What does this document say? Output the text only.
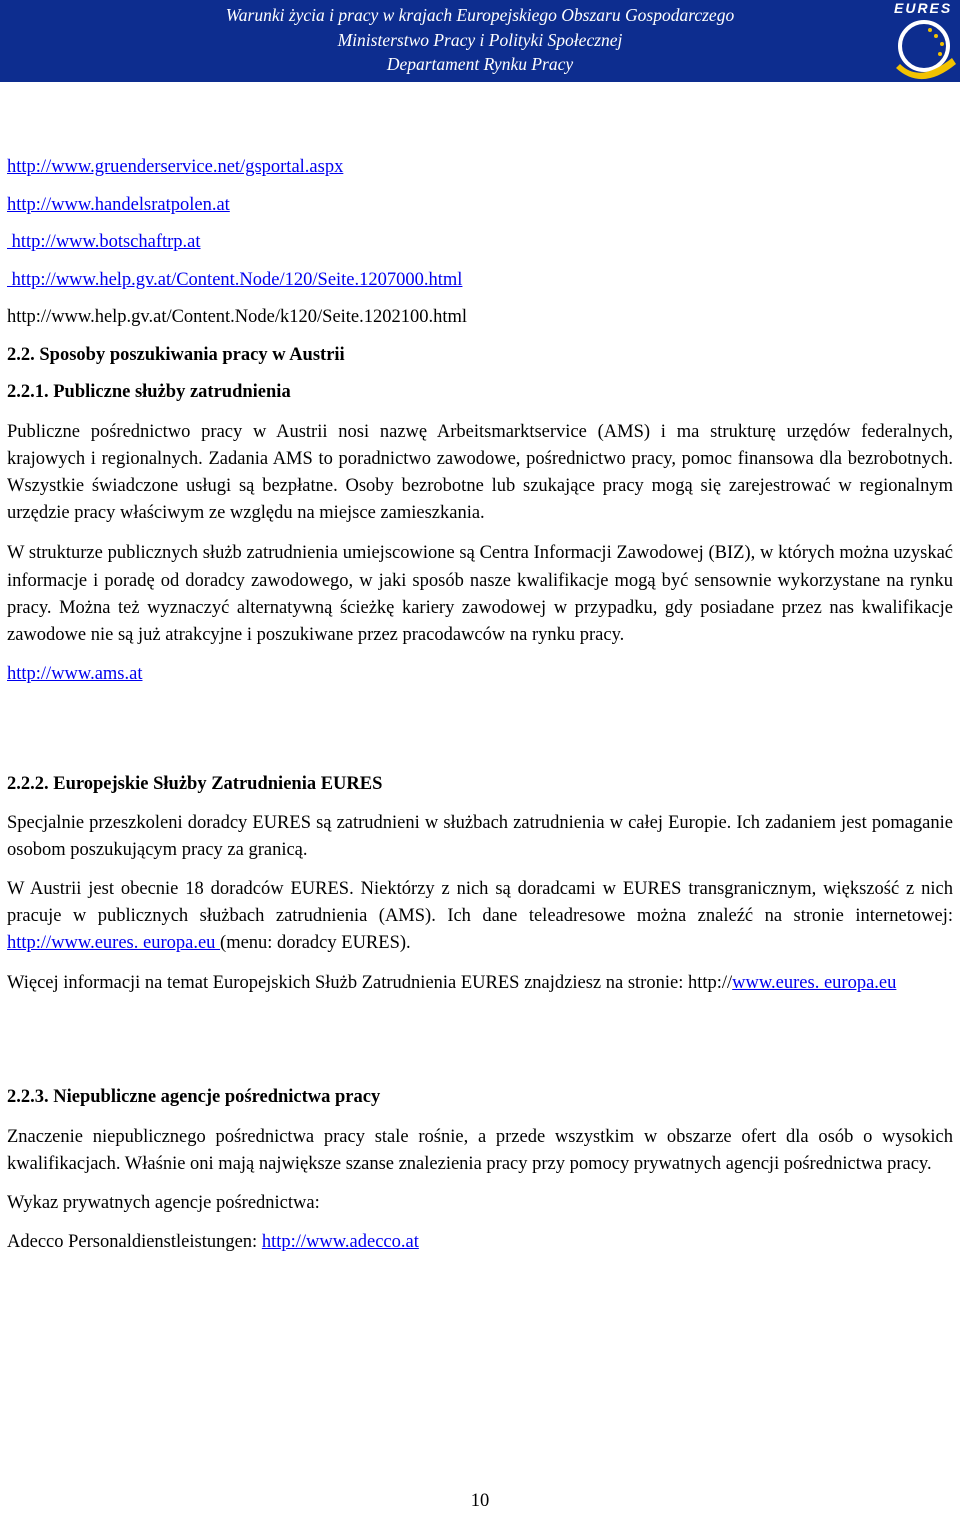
Warunki życia i pracy w krajach Europejskiego Obszaru Gospodarczego
Ministerstwo Pracy i Polityki Społecznej
Departament Rynku Pracy
EURES
http://www.gruenderservice.net/gsportal.aspx
http://www.handelsratpolen.at
http://www.botschaftrp.at
http://www.help.gv.at/Content.Node/120/Seite.1207000.html
http://www.help.gv.at/Content.Node/k120/Seite.1202100.html
2.2. Sposoby poszukiwania pracy w Austrii
2.2.1. Publiczne służby zatrudnienia

Publiczne pośrednictwo pracy w Austrii nosi nazwę Arbeitsmarktservice (AMS) i ma strukturę urzędów federalnych, krajowych i regionalnych. Zadania AMS to poradnictwo zawodowe, pośrednictwo pracy, pomoc finansowa dla bezrobotnych. Wszystkie świadczone usługi są bezpłatne. Osoby bezrobotne lub szukające pracy mogą się zarejestrować w regionalnym urzędzie pracy właściwym ze względu na miejsce zamieszkania.

W strukturze publicznych służb zatrudnienia umiejscowione są Centra Informacji Zawodowej (BIZ), w których można uzyskać informacje i poradę od doradcy zawodowego, w jaki sposób nasze kwalifikacje mogą być sensownie wykorzystane na rynku pracy. Można też wyznaczyć alternatywną ścieżkę kariery zawodowej w przypadku, gdy posiadane przez nas kwalifikacje zawodowe nie są już atrakcyjne i poszukiwane przez pracodawców na rynku pracy.

http://www.ams.at
2.2.2. Europejskie Służby Zatrudnienia EURES

Specjalnie przeszkoleni doradcy EURES są zatrudnieni w służbach zatrudnienia w całej Europie. Ich zadaniem jest pomaganie osobom poszukującym pracy za granicą.

W Austrii jest obecnie 18 doradców EURES. Niektórzy z nich są doradcami w EURES transgranicznym, większość z nich pracuje w publicznych służbach zatrudnienia (AMS). Ich dane teleadresowe można znaleźć na stronie internetowej: http://www.eures. europa.eu (menu: doradcy EURES).

Więcej informacji na temat Europejskich Służb Zatrudnienia EURES znajdziesz na stronie: http://www.eures. europa.eu

2.2.3. Niepubliczne agencje pośrednictwa pracy

Znaczenie niepublicznego pośrednictwa pracy stale rośnie, a przede wszystkim w obszarze ofert dla osób o wysokich kwalifikacjach. Właśnie oni mają największe szanse znalezienia pracy przy pomocy prywatnych agencji pośrednictwa pracy.

Wykaz prywatnych agencje pośrednictwa:
Adecco Personaldienstleistungen: http://www.adecco.at
10
